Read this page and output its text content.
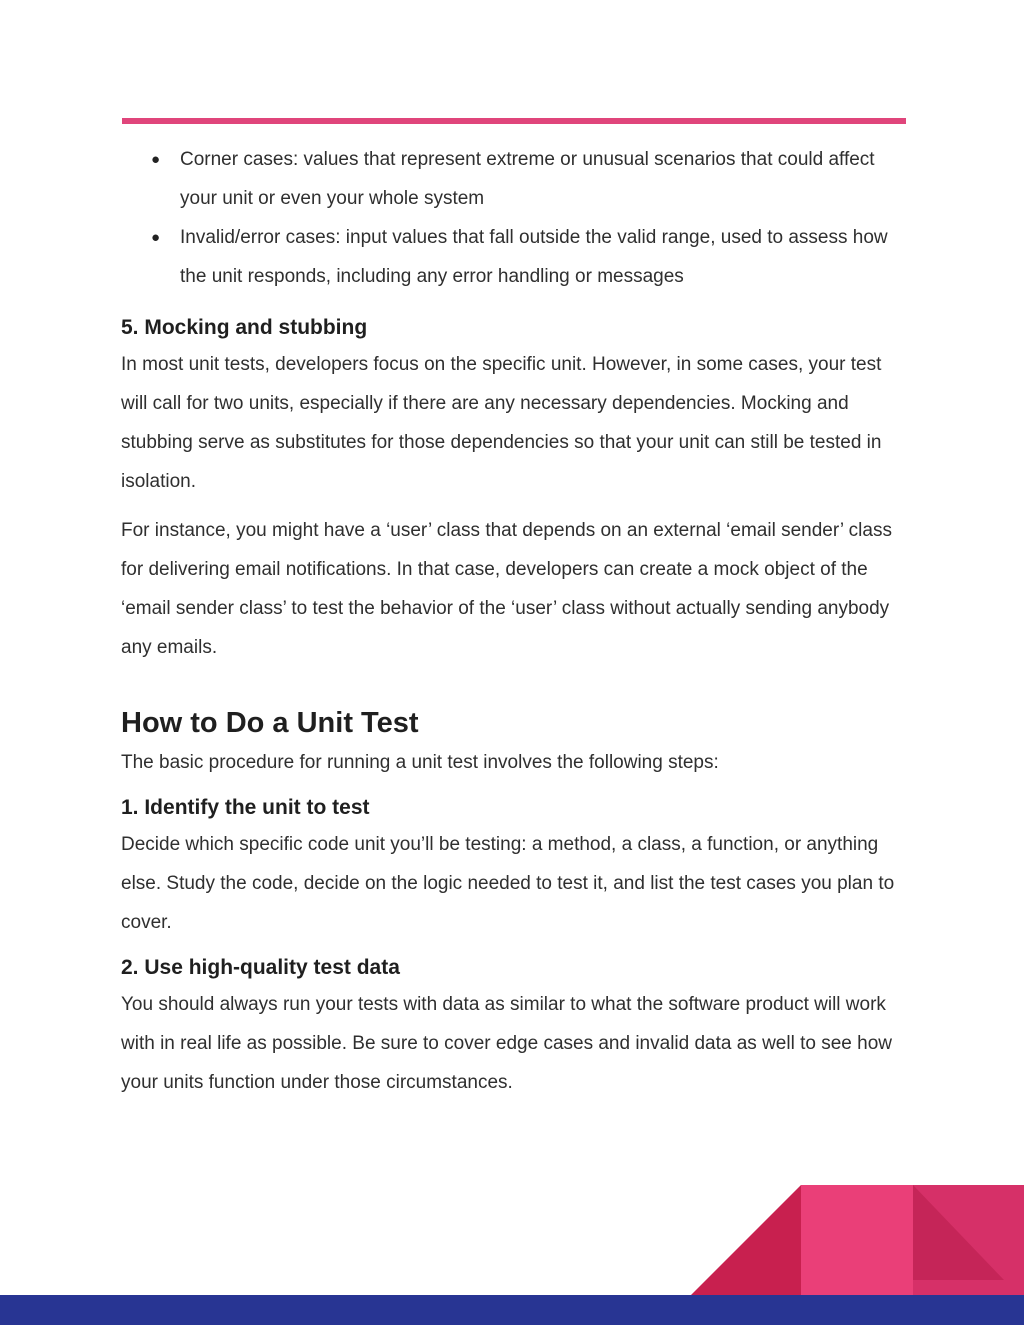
● Corner cases: values that represent extreme or unusual scenarios that could affect your unit or even your whole system
● Invalid/error cases: input values that fall outside the valid range, used to assess how the unit responds, including any error handling or messages
5. Mocking and stubbing

In most unit tests, developers focus on the specific unit. However, in some cases, your test will call for two units, especially if there are any necessary dependencies. Mocking and stubbing serve as substitutes for those dependencies so that your unit can still be tested in isolation.

For instance, you might have a ‘user’ class that depends on an external ‘email sender’ class for delivering email notifications. In that case, developers can create a mock object of the ‘email sender class’ to test the behavior of the ‘user’ class without actually sending anybody any emails.

How to Do a Unit Test

The basic procedure for running a unit test involves the following steps:

1. Identify the unit to test

Decide which specific code unit you’ll be testing: a method, a class, a function, or anything else. Study the code, decide on the logic needed to test it, and list the test cases you plan to cover.

2. Use high-quality test data

You should always run your tests with data as similar to what the software product will work with in real life as possible. Be sure to cover edge cases and invalid data as well to see how your units function under those circumstances.
